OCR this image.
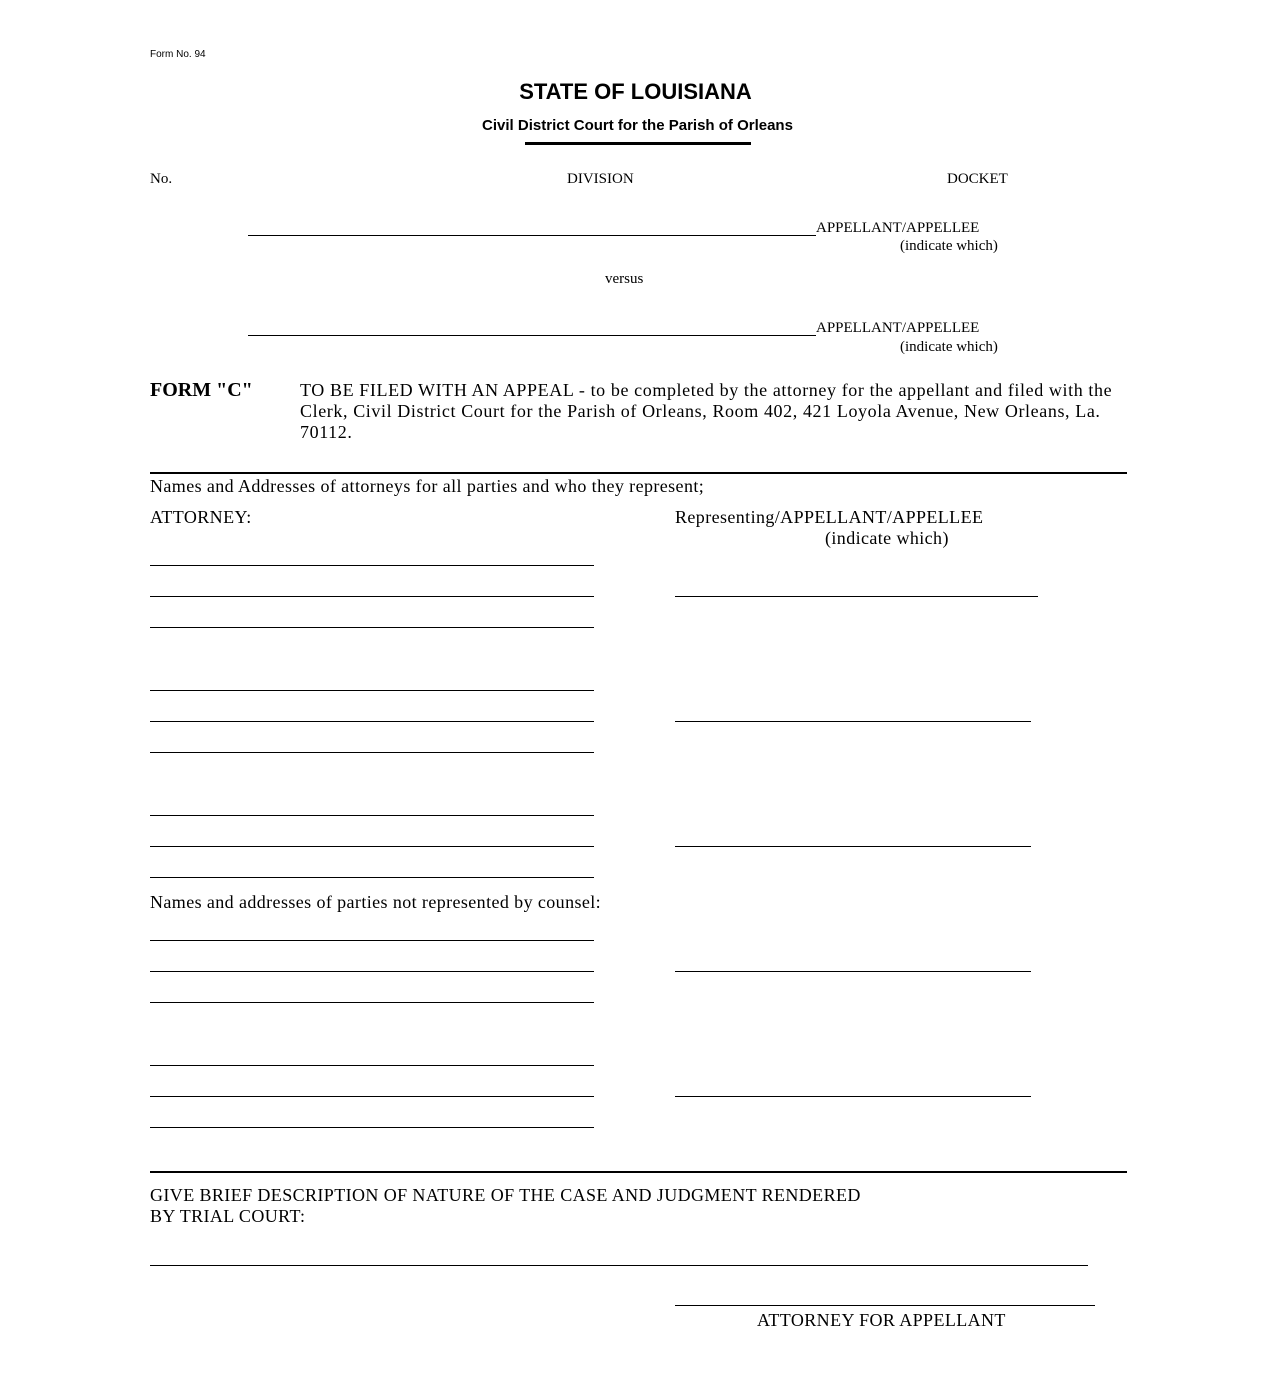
Form No. 94
STATE OF LOUISIANA
Civil District Court for the Parish of Orleans
No.	DIVISION	DOCKET
APPELLANT/APPELLEE
(indicate which)
versus
APPELLANT/APPELLEE
(indicate which)
FORM "C"	TO BE FILED WITH AN APPEAL - to be completed by the attorney for the appellant and filed with the Clerk, Civil District Court for the Parish of Orleans, Room 402, 421 Loyola Avenue, New Orleans, La. 70112.
Names and Addresses of attorneys for all parties and who they represent;
ATTORNEY:	Representing/APPELLANT/APPELLEE
(indicate which)
Names and addresses of parties not represented by counsel:
GIVE BRIEF DESCRIPTION OF NATURE OF THE CASE AND JUDGMENT RENDERED
BY TRIAL COURT:
ATTORNEY FOR APPELLANT
